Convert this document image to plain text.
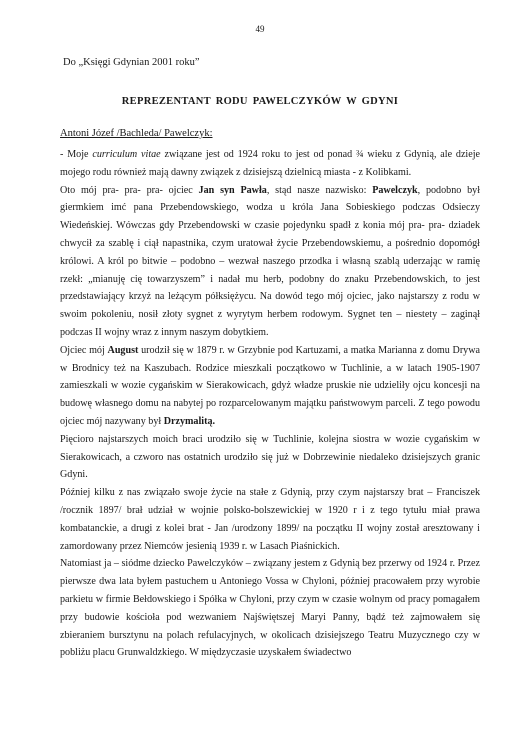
49
Do „Księgi Gdynian 2001 roku”
REPREZENTANT RODU PAWELCZYKÓW W GDYNI
Antoni Józef /Bachleda/ Pawelczyk:

- Moje curriculum vitae związane jest od 1924 roku to jest od ponad ¾ wieku z Gdynią, ale dzieje mojego rodu również mają dawny związek z dzisiejszą dzielnicą miasta - z Kolibkami.

Oto mój pra- pra- pra- ojciec Jan syn Pawła, stąd nasze nazwisko: Pawelczyk, podobno był giermkiem imć pana Przebendowskiego, wodza u króla Jana Sobieskiego podczas Odsieczy Wiedeńskiej. Wówczas gdy Przebendowski w czasie pojedynku spadł z konia mój pra- pra- dziadek chwycił za szablę i ciął napastnika, czym uratował życie Przebendowskiemu, a pośrednio dopomógł królowi. A król po bitwie – podobno – wezwał naszego przodka i własną szablą uderzając w ramię rzekł: „mianuję cię towarzyszem” i nadał mu herb, podobny do znaku Przebendowskich, to jest przedstawiający krzyż na leżącym półksiężycu. Na dowód tego mój ojciec, jako najstarszy z rodu w swoim pokoleniu, nosił złoty sygnet z wyrytym herbem rodowym. Sygnet ten – niestety – zaginął podczas II wojny wraz z innym naszym dobytkiem.

Ojciec mój August urodził się w 1879 r. w Grzybnie pod Kartuzami, a matka Marianna z domu Drywa w Brodnicy też na Kaszubach. Rodzice mieszkali początkowo w Tuchlinie, a w latach 1905-1907 zamieszkali w wozie cygańskim w Sierakowicach, gdyż władze pruskie nie udzieliły ojcu koncesji na budowę własnego domu na nabytej po rozparcelowanym majątku państwowym parceli. Z tego powodu ojciec mój nazywany był Drzymalitą.

Pięcioro najstarszych moich braci urodziło się w Tuchlinie, kolejna siostra w wozie cygańskim w Sierakowicach, a czworo nas ostatnich urodziło się już w Dobrzewinie niedaleko dzisiejszych granic Gdyni.

Później kilku z nas związało swoje życie na stałe z Gdynią, przy czym najstarszy brat – Franciszek /rocznik 1897/ brał udział w wojnie polsko-bolszewickiej w 1920 r i z tego tytułu miał prawa kombatanckie, a drugi z kolei brat - Jan /urodzony 1899/ na początku II wojny został aresztowany i zamordowany przez Niemców jesienią 1939 r. w Lasach Piaśnickich.

Natomiast ja – siódme dziecko Pawelczyków – związany jestem z Gdynią bez przerwy od 1924 r. Przez pierwsze dwa lata byłem pastuchem u Antoniego Vossa w Chyloni, później pracowałem przy wyrobie parkietu w firmie Bełdowskiego i Spółka w Chyloni, przy czym w czasie wolnym od pracy pomagałem przy budowie kościoła pod wezwaniem Najświętszej Maryi Panny, bądź też zajmowałem się zbieraniem bursztynu na polach refulacyjnych, w okolicach dzisiejszego Teatru Muzycznego czy w pobliżu placu Grunwaldzkiego. W międzyczasie uzyskałem świadectwo
